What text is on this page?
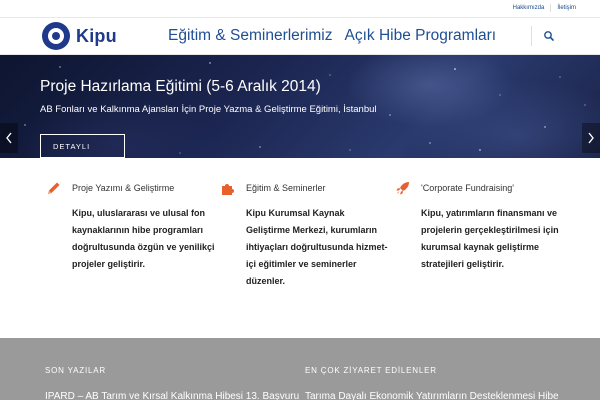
Hakkımızda	İletişim
Kipu	Eğitim & Seminerlerimiz Açık Hibe Programları
Proje Hazırlama Eğitimi (5-6 Aralık 2014)
AB Fonları ve Kalkınma Ajansları İçin Proje Yazma & Geliştirme Eğitimi, İstanbul
DETAYLI
Proje Yazımı & Geliştirme
Kipu, uluslararası ve ulusal fon kaynaklarının hibe programları doğrultusunda özgün ve yenilikçi projeler geliştirir.
Eğitim & Seminerler
Kipu Kurumsal Kaynak Geliştirme Merkezi, kurumların ihtiyaçları doğrultusunda hizmet-içi eğitimler ve seminerler düzenler.
'Corporate Fundraising'
Kipu, yatırımların finansmanı ve projelerin gerçekleştirilmesi için kurumsal kaynak geliştirme stratejileri geliştirir.
SON YAZILAR
IPARD – AB Tarım ve Kırsal Kalkınma Hibesi 13. Başvuru
EN ÇOK ZİYARET EDİLENLER
Tarıma Dayalı Ekonomik Yatırımların Desteklenmesi Hibe
